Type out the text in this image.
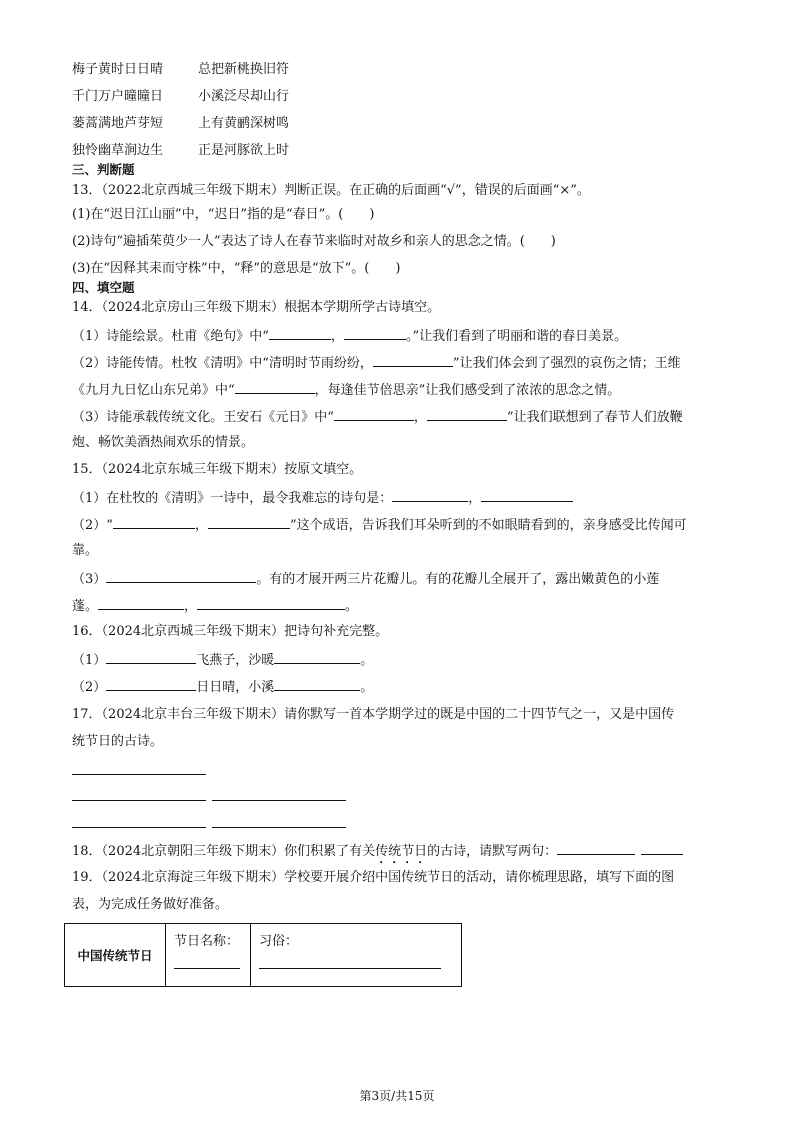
梅子黄时日日晴	总把新桃换旧符
千门万户曈曈日	小溪泛尽却山行
蒌蒿满地芦芽短	上有黄鹂深树鸣
独怜幽草涧边生	正是河豚欲上时
三、判断题
13．（2022北京西城三年级下期末）判断正误。在正确的后面画“√”，错误的后面画“×”。
(1)在“迟日江山丽”中，“迟日”指的是“春日”。(　　)
(2)诗句“遍插茱萸少一人”表达了诗人在春节来临时对故乡和亲人的思念之情。(　　)
(3)在“因释其耒而守株”中，“释”的意思是“放下”。(　　)
四、填空题
14．（2024北京房山三年级下期末）根据本学期所学古诗填空。
（1）诗能绘景。杜甫《绝句》中“	，	。”让我们看到了明丽和谐的春日美景。
（2）诗能传情。杜牧《清明》中“清明时节雨纷纷，	”让我们体会到了强烈的哀伤之情；王维
《九月九日忆山东兄弟》中“	，每逢佳节倍思亲”让我们感受到了浓浓的思念之情。
（3）诗能承载传统文化。王安石《元日》中“	，	”让我们联想到了春节人们放鞭
炮、畅饮美酒热闹欢乐的情景。
15．（2024北京东城三年级下期末）按原文填空。
（1）在杜牧的《清明》一诗中，最令我难忘的诗句是：	，
（2）“	，	”这个成语，告诉我们耳朵听到的不如眼睛看到的，亲身感受比传闻可
靠。
（3）	。有的才展开两三片花瓣儿。有的花瓣儿全展开了，露出嫩黄色的小莲
蓬。	，	。
16．（2024北京西城三年级下期末）把诗句补充完整。
（1）	飞燕子，沙暖	。
（2）	日日晴，小溪	。
17．（2024北京丰台三年级下期末）请你默写一首本学期学过的既是中国的二十四节气之一，又是中国传
统节日的古诗。
18．（2024北京朝阳三年级下期末）你们积累了有关传统节日的古诗，请默写两句：
19．（2024北京海淀三年级下期末）学校要开展介绍中国传统节日的活动，请你梳理思路，填写下面的图
表，为完成任务做好准备。
中国传统节日	
节日名称：	习俗：
第3页/共15页
